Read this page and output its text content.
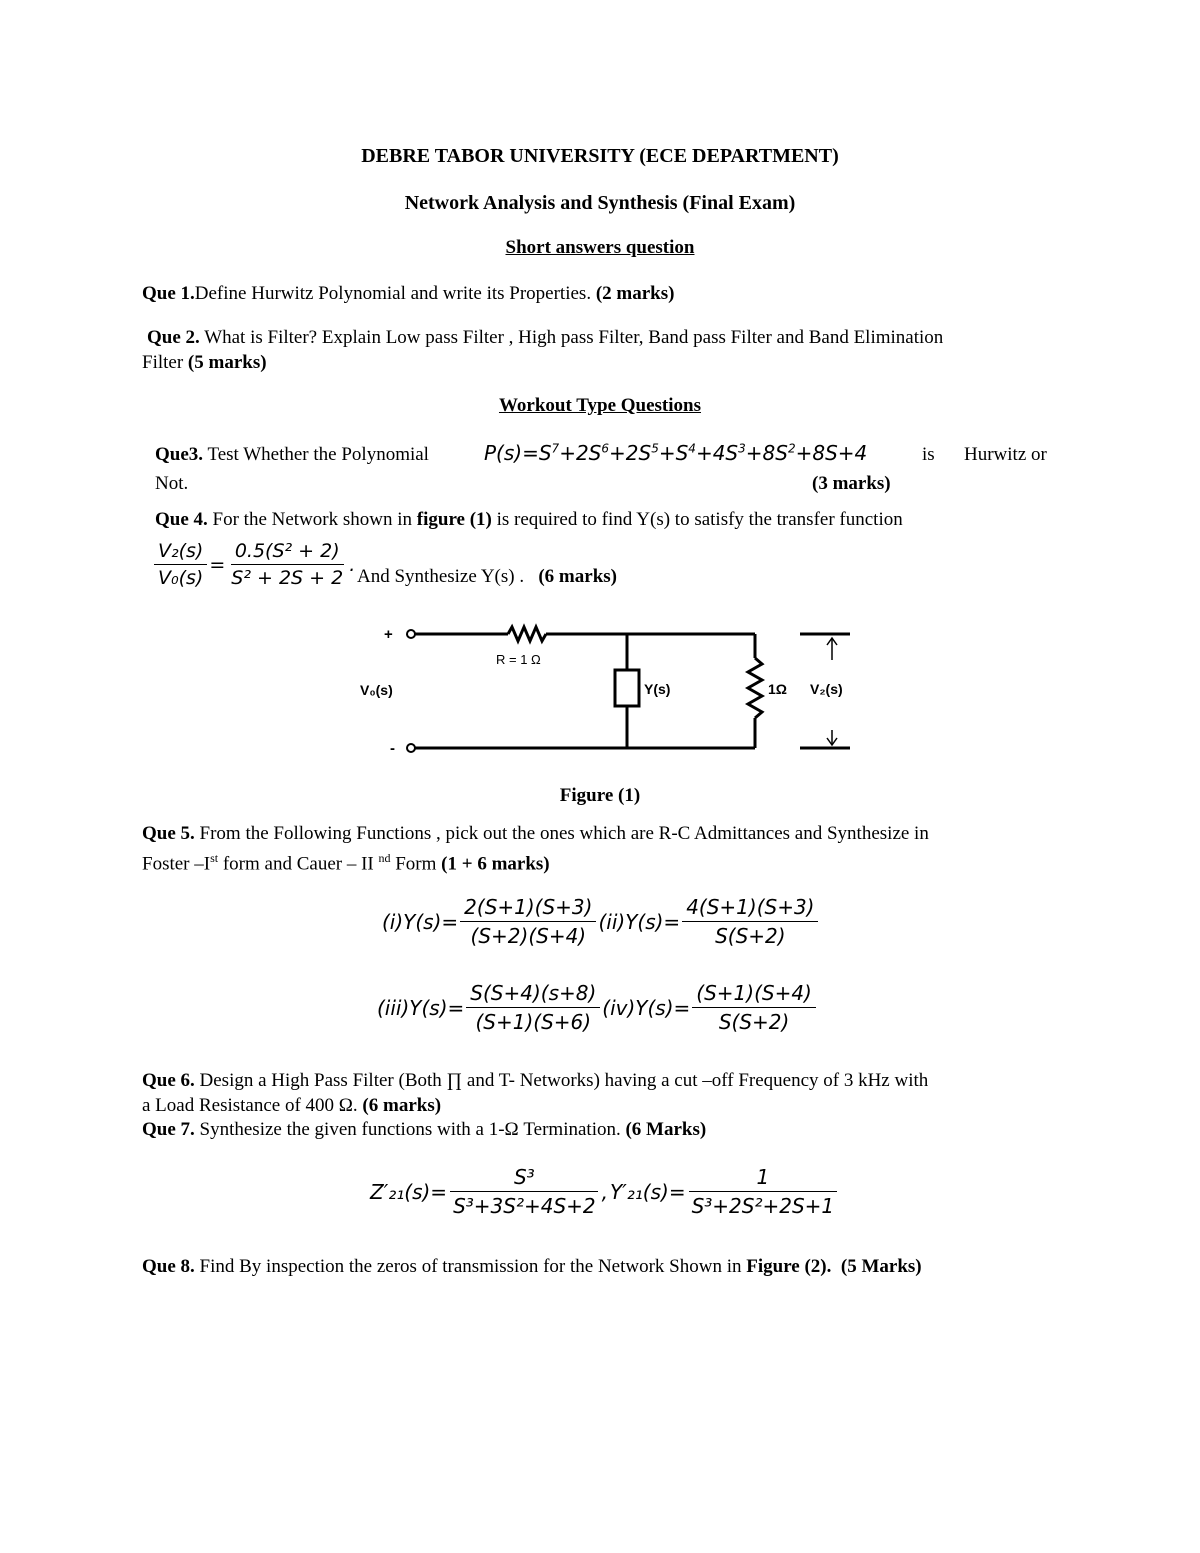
DEBRE TABOR UNIVERSITY (ECE DEPARTMENT)
Network Analysis and Synthesis (Final Exam)
Short answers question
Que 1.Define Hurwitz Polynomial and write its Properties. (2 marks)
Que 2. What is Filter? Explain Low pass Filter , High pass Filter, Band pass Filter and Band Elimination
Filter (5 marks)
Workout Type Questions
Que3. Test Whether the Polynomial	$P(s)=S^7+2S^6+2S^5+S^4+4S^3+8S^2+8S+4$	is Hurwitz or
Not.	(3 marks)
Que 4. For the Network shown in figure (1) is required to find Y(s) to satisfy the transfer function
$\frac{\text{V₂(s)}}{\text{V₀(s)}} = \frac{\text{0.5(S² + 2)}}{\text{S² + 2S + 2}}$ .
And Synthesize Y(s) . (6 marks)
+
-
R = 1 Ω
V₀(s)	Y(s)	1Ω V₂(s)
Figure (1)
Que 5. From the Following Functions , pick out the ones which are R-C Admittances and Synthesize in
Foster –Ist form and Cauer – II $^{nd}$ Form (1 + 6 marks)
$(i)Y(s)= \frac{2(S+1)(S+3)}{(S+2)(S+4)} (ii)Y(s)= \frac{4(S+1)(S+3)}{S(S+2)}$
$(iii)Y(s)= \frac{S(S+4)(s+8)}{(S+1)(S+6)} (iv)Y(s)= \frac{(S+1)(S+4)}{S(S+2)}$
Que 6. Design a High Pass Filter (Both ∏ and T- Networks) having a cut –off Frequency of 3 kHz with
a Load Resistance of 400 Ω. (6 marks)
Que 7. Synthesize the given functions with a 1-Ω Termination. (6 Marks)
$Z'_{21}(s)= \frac{\text{S³}}{\text{S³+3S²+4S+2}}$ , $Y'_{21}(s)= \frac{1}{\text{S³+2S²+2S+1}}$
Que 8. Find By inspection the zeros of transmission for the Network Shown in Figure (2). (5 Marks)
